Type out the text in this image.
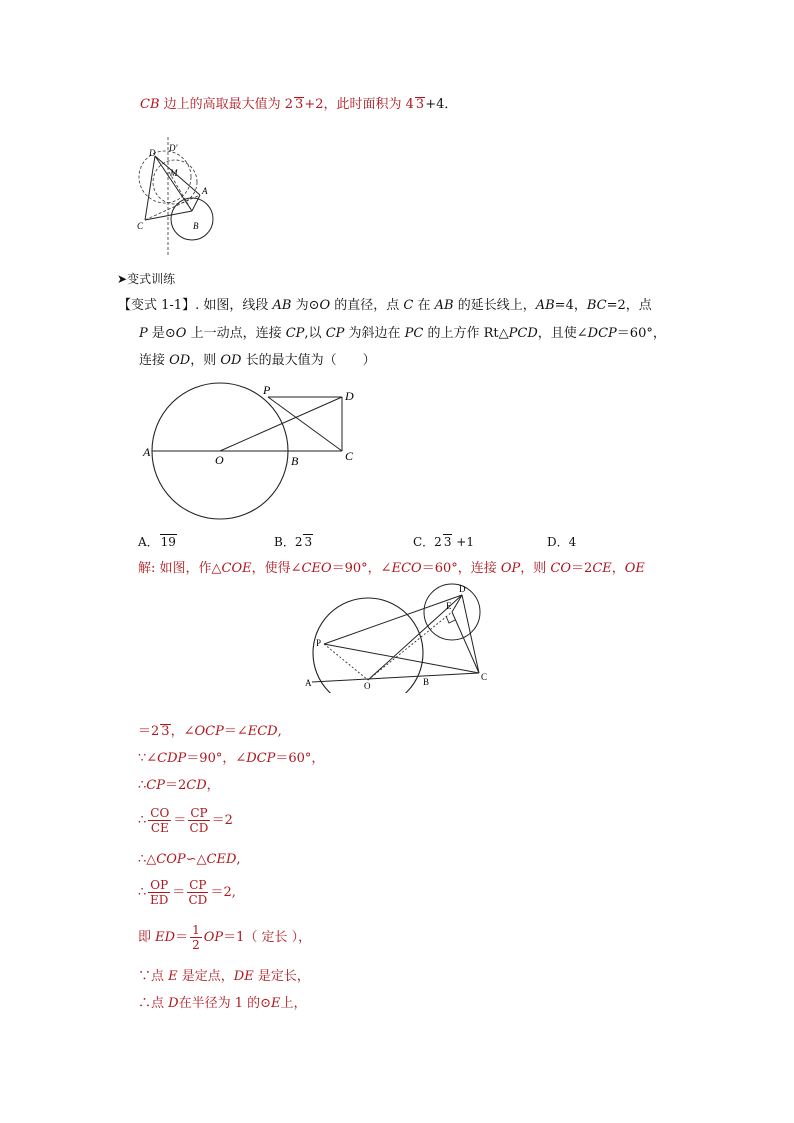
CB 边上的高取最大值为 2 3+2，此时面积为 4 3+4．
D D'
M
A
C	B
➤变式训练
【变式 1-1】. 如图，线段 AB 为⊙O 的直径，点 C 在 AB 的延长线上，AB=4，BC=2，点
P 是⊙O 上一动点，连接 CP,以 CP 为斜边在 PC 的上方作 Rt△PCD，且使∠DCP＝60°，
连接 OD，则 OD 长的最大值为（　　）
A
O	B	C
P	D
A． 19	B．2 3	C．2 3 +1	D．4
解: 如图，作△COE，使得∠CEO＝90°，∠ECO＝60°，连接 OP，则 CO＝2CE，OE
P
D
E
A	O	B	C
＝2 3，∠OCP＝∠ECD,
∵∠CDP＝90°，∠DCP＝60°，
∴CP＝2CD，
∴ $\frac{CO}{CE} = \frac{CP}{CD} =2$
∴△COP∽△CED,
∴ $\frac{OP}{ED} = \frac{CP}{CD} =2$,
即 $ED= \frac{1}{2} OP=1$（ 定长 ），
∵点 E 是定点，DE 是定长，
∴点 D在半径为 1 的⊙E上，
